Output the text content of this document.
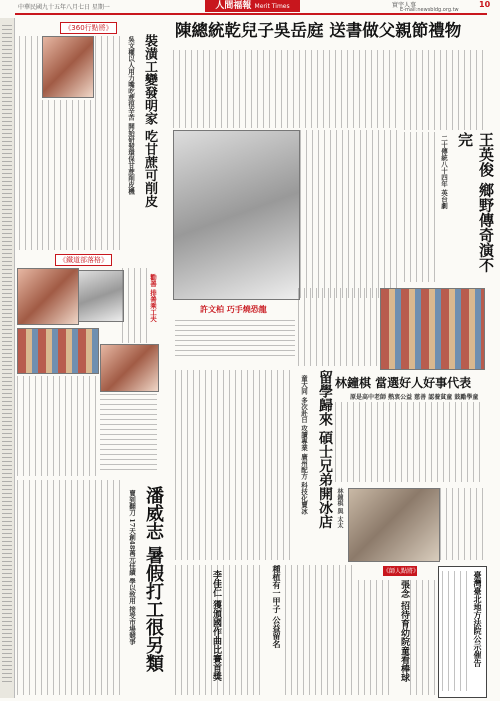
中華民國九十五年八月七日 星期一	人間福報 Merit Times	實宇人事	10
E-mail:newsbldg.org.tw
《360行點將》
裝潢工變發明家 吃甘蔗可削皮
吳文權以人用力嘴吃蔗很辛苦 開始研發環保甘蔗削皮機
《鐵道部落格》
勸善 排善乘工夫
潘威志 暑假打工很另類
賣到翻刀 17天創48萬元佳績 學以致用 接受市場競爭
陳總統乾兒子吳岳庭 送書做父親節禮物
許文柏 巧手燒恐龍
王英俊 鄉野傳奇演不完
二十傳統八十四年 英台劇
留學歸來 碩士兄弟開冰店
童大同 多次赴日 攻讀專業 廣州配方 科技化賣冰 林鐘棋 當選好人好事代表
原是高中老師 熱衷公益 慈善 認養貧童 鼓勵學童
林鐘棋 與 太太
種植有一甲子 公益留名
李佳仁 獲頒國作曲比賽首獎	《師人點將》
張念 招待育幼院童看棒球	臺灣臺北地方法院公示催告
